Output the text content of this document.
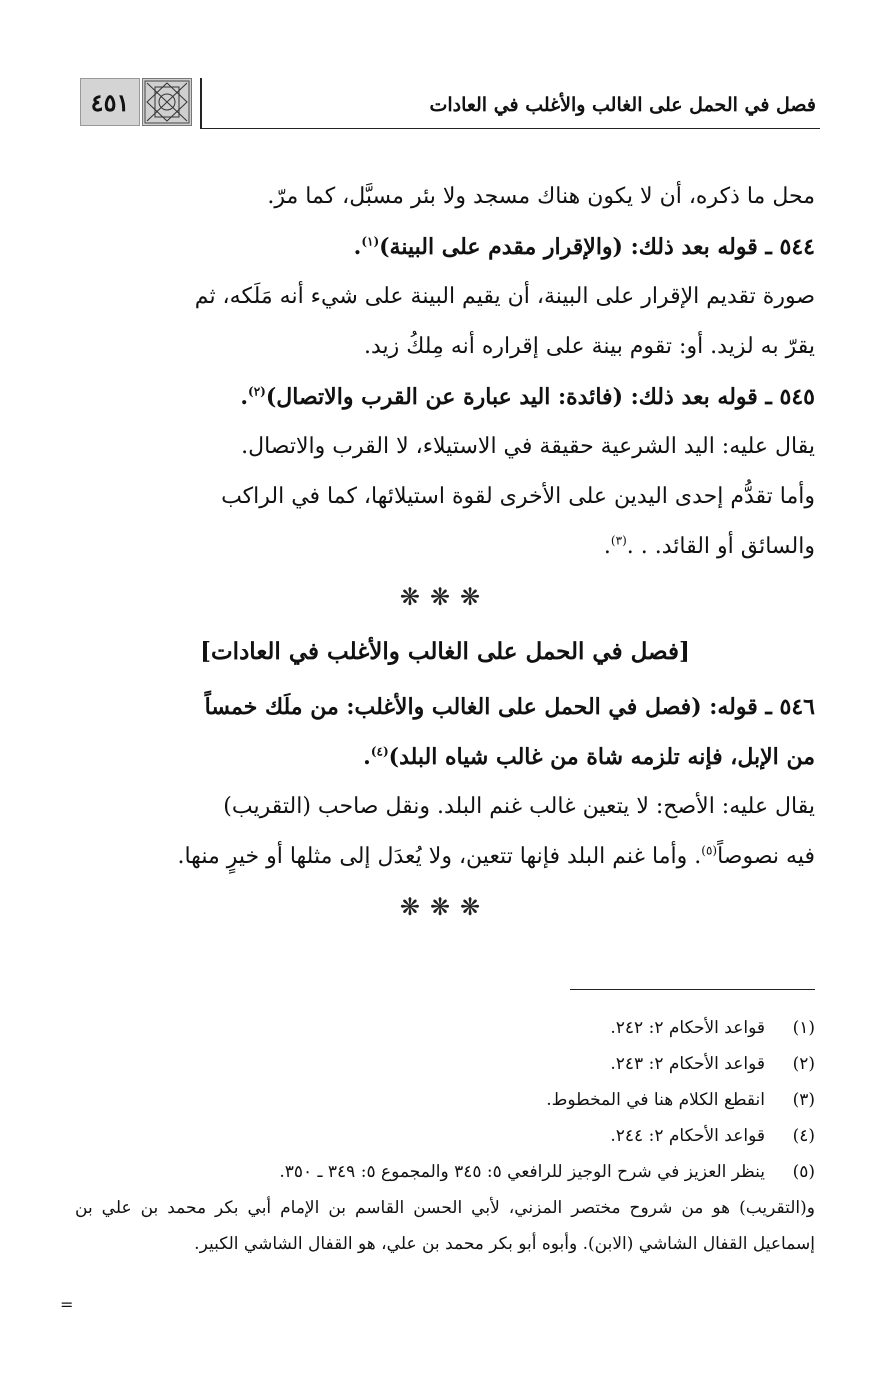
٤٥١	فصل في الحمل على الغالب والأغلب في العادات

محل ما ذكره، أن لا يكون هناك مسجد ولا بئر مسبَّل، كما مرّ.

٥٤٤ ـ قوله بعد ذلك: (والإقرار مقدم على البينة)$^{(١)}$.

صورة تقديم الإقرار على البينة، أن يقيم البينة على شيء أنه مَلَكه، ثم

يقرّ به لزيد. أو: تقوم بينة على إقراره أنه مِلكُ زيد.

٥٤٥ ـ قوله بعد ذلك: (فائدة: اليد عبارة عن القرب والاتصال)$^{(٢)}$.

يقال عليه: اليد الشرعية حقيقة في الاستيلاء، لا القرب والاتصال.

وأما تقدُّم إحدى اليدين على الأخرى لقوة استيلائها، كما في الراكب

والسائق أو القائد. . .$^{(٣)}$.

❋❋❋
[فصل في الحمل على الغالب والأغلب في العادات]

٥٤٦ ـ قوله: (فصل في الحمل على الغالب والأغلب: من ملَك خمساً

من الإبل، فإنه تلزمه شاة من غالب شياه البلد)$^{(٤)}$.

يقال عليه: الأصح: لا يتعين غالب غنم البلد. ونقل صاحب (التقريب)

فيه نصوصاً$^{(٥)}$. وأما غنم البلد فإنها تتعين، ولا يُعدَل إلى مثلها أو خيرٍ منها.

❋❋❋
(١)
قواعد الأحكام ٢: ٢٤٢.
(٢)
قواعد الأحكام ٢: ٢٤٣.
(٣)
انقطع الكلام هنا في المخطوط.
(٤)
قواعد الأحكام ٢: ٢٤٤.
(٥)
ينظر العزيز في شرح الوجيز للرافعي ٥: ٣٤٥ والمجموع ٥: ٣٤٩ ـ ٣٥٠.
و(التقريب) هو من شروح مختصر المزني، لأبي الحسن القاسم بن الإمام أبي بكر محمد بن علي بن إسماعيل القفال الشاشي (الابن). وأبوه أبو بكر محمد بن علي، هو القفال الشاشي الكبير.
=
